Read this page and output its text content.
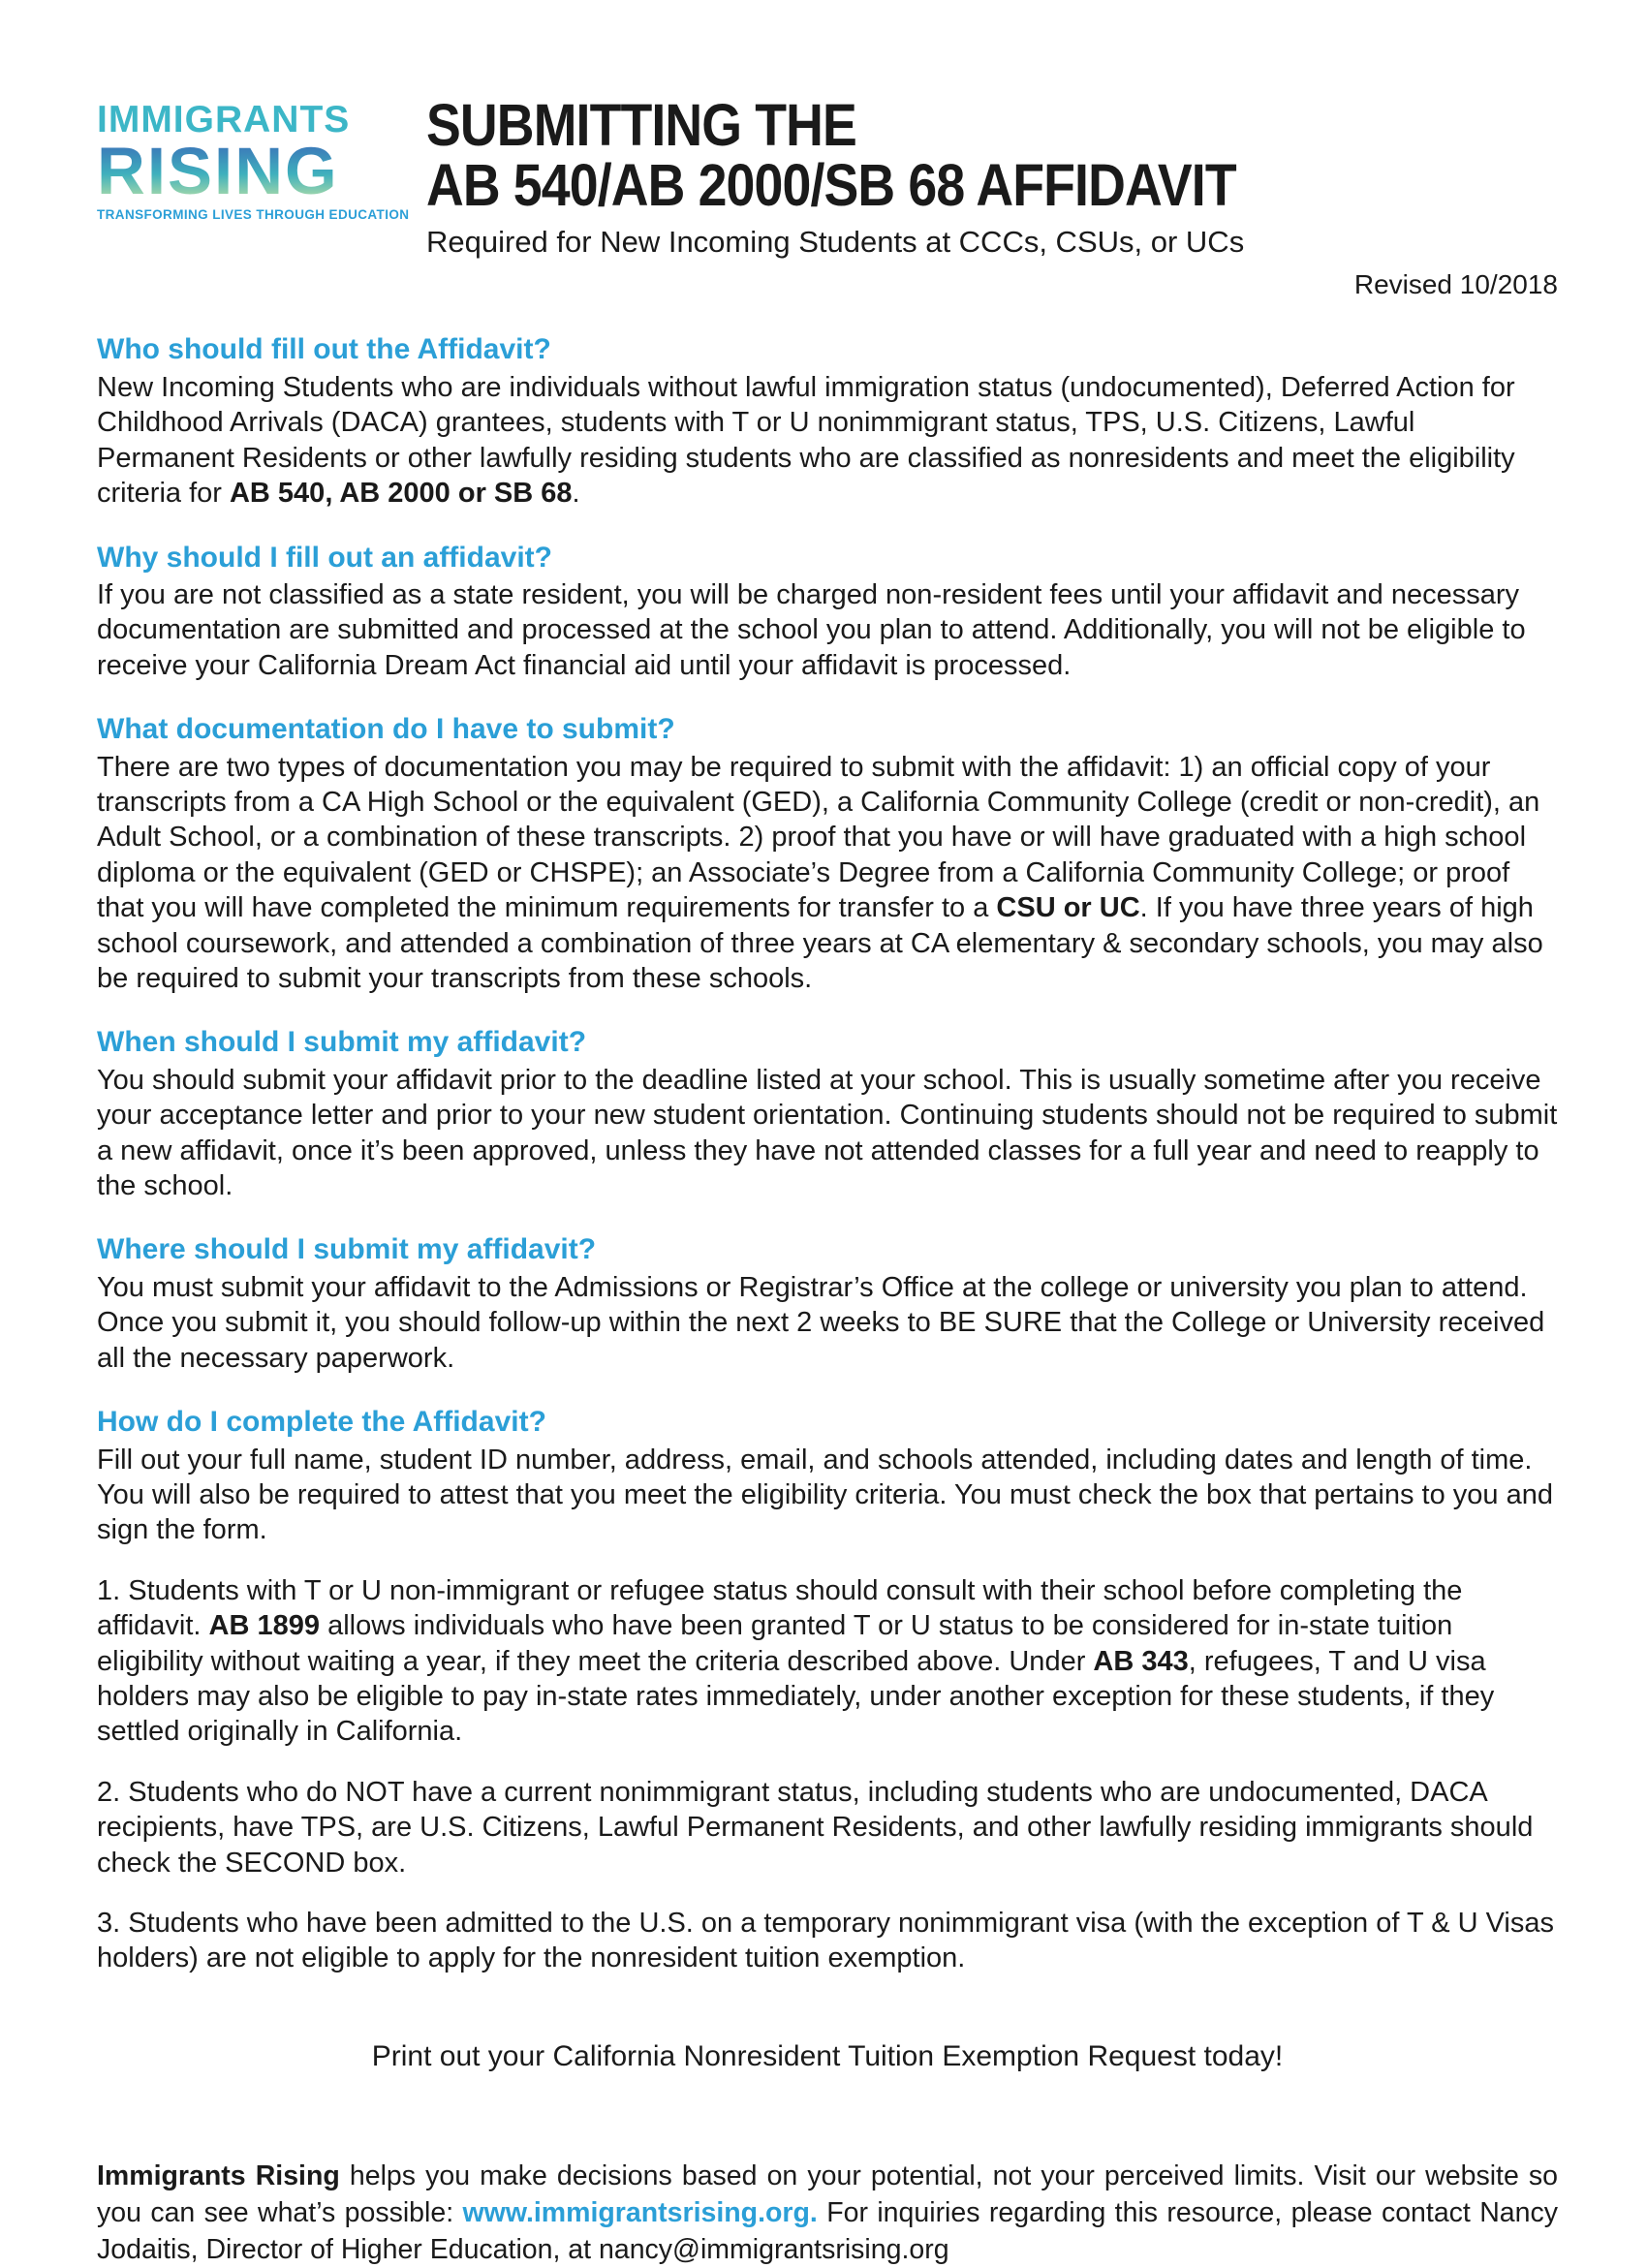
IMMIGRANTS
RISING
TRANSFORMING LIVES THROUGH EDUCATION
SUBMITTING THE
AB 540/AB 2000/SB 68 AFFIDAVIT
Required for New Incoming Students at CCCs, CSUs, or UCs
Revised 10/2018
Who should fill out the Affidavit?

New Incoming Students who are individuals without lawful immigration status (undocumented), Deferred Action for Childhood Arrivals (DACA) grantees, students with T or U nonimmigrant status, TPS, U.S. Citizens, Lawful Permanent Residents or other lawfully residing students who are classified as nonresidents and meet the eligibility criteria for AB 540, AB 2000 or SB 68.

Why should I fill out an affidavit?

If you are not classified as a state resident, you will be charged non-resident fees until your affidavit and necessary documentation are submitted and processed at the school you plan to attend. Additionally, you will not be eligible to receive your California Dream Act financial aid until your affidavit is processed.

What documentation do I have to submit?

There are two types of documentation you may be required to submit with the affidavit: 1) an official copy of your transcripts from a CA High School or the equivalent (GED), a California Community College (credit or non-credit), an Adult School, or a combination of these transcripts. 2) proof that you have or will have graduated with a high school diploma or the equivalent (GED or CHSPE); an Associate’s Degree from a California Community College; or proof that you will have completed the minimum requirements for transfer to a CSU or UC. If you have three years of high school coursework, and attended a combination of three years at CA elementary & secondary schools, you may also be required to submit your transcripts from these schools.

When should I submit my affidavit?

You should submit your affidavit prior to the deadline listed at your school. This is usually sometime after you receive your acceptance letter and prior to your new student orientation. Continuing students should not be required to submit a new affidavit, once it’s been approved, unless they have not attended classes for a full year and need to reapply to the school.

Where should I submit my affidavit?

You must submit your affidavit to the Admissions or Registrar’s Office at the college or university you plan to attend. Once you submit it, you should follow-up within the next 2 weeks to BE SURE that the College or University received all the necessary paperwork.

How do I complete the Affidavit?

Fill out your full name, student ID number, address, email, and schools attended, including dates and length of time. You will also be required to attest that you meet the eligibility criteria. You must check the box that pertains to you and sign the form.

1. Students with T or U non-immigrant or refugee status should consult with their school before completing the affidavit. AB 1899 allows individuals who have been granted T or U status to be considered for in-state tuition eligibility without waiting a year, if they meet the criteria described above. Under AB 343, refugees, T and U visa holders may also be eligible to pay in-state rates immediately, under another exception for these students, if they settled originally in California.

2. Students who do NOT have a current nonimmigrant status, including students who are undocumented, DACA recipients, have TPS, are U.S. Citizens, Lawful Permanent Residents, and other lawfully residing immigrants should check the SECOND box.

3. Students who have been admitted to the U.S. on a temporary nonimmigrant visa (with the exception of T & U Visas holders) are not eligible to apply for the nonresident tuition exemption.

Print out your California Nonresident Tuition Exemption Request today!
Immigrants Rising helps you make decisions based on your potential, not your perceived limits. Visit our website so you can see what’s possible: www.immigrantsrising.org. For inquiries regarding this resource, please contact Nancy Jodaitis, Director of Higher Education, at nancy@immigrantsrising.org
